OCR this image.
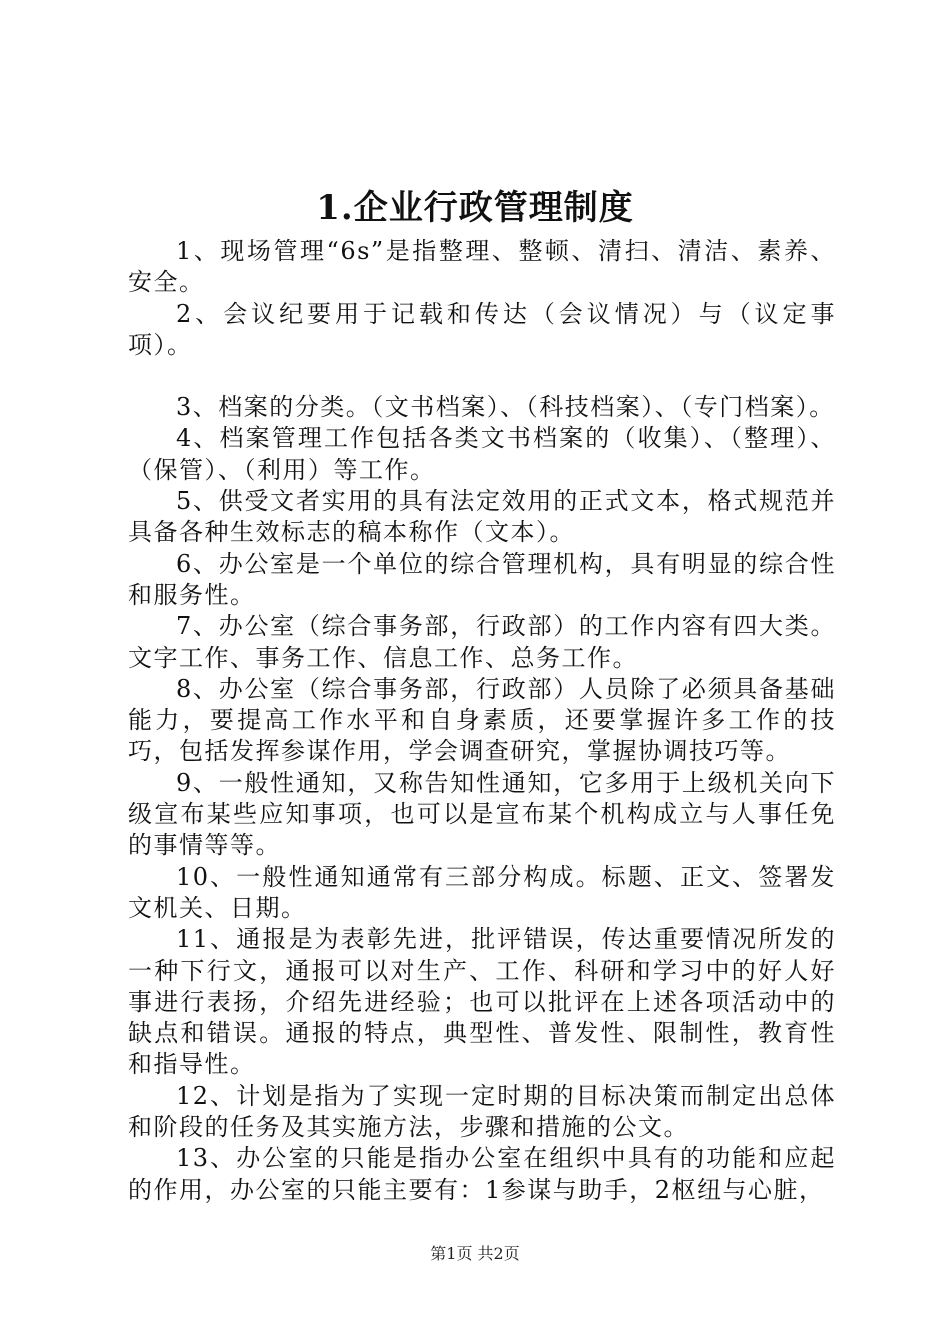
1.企业行政管理制度

1、现场管理“6s”是指整理、整顿、清扫、清洁、素养、安全。

2、会议纪要用于记载和传达（会议情况）与（议定事项）。

3、档案的分类。（文书档案）、（科技档案）、（专门档案）。

4、档案管理工作包括各类文书档案的（收集）、（整理）、（保管）、（利用）等工作。

5、供受文者实用的具有法定效用的正式文本，格式规范并具备各种生效标志的稿本称作（文本）。

6、办公室是一个单位的综合管理机构，具有明显的综合性和服务性。

7、办公室（综合事务部，行政部）的工作内容有四大类。文字工作、事务工作、信息工作、总务工作。

8、办公室（综合事务部，行政部）人员除了必须具备基础能力，要提高工作水平和自身素质，还要掌握许多工作的技巧，包括发挥参谋作用，学会调查研究，掌握协调技巧等。

9、一般性通知，又称告知性通知，它多用于上级机关向下级宣布某些应知事项，也可以是宣布某个机构成立与人事任免的事情等等。

10、一般性通知通常有三部分构成。标题、正文、签署发文机关、日期。

11、通报是为表彰先进，批评错误，传达重要情况所发的一种下行文，通报可以对生产、工作、科研和学习中的好人好事进行表扬，介绍先进经验；也可以批评在上述各项活动中的缺点和错误。通报的特点，典型性、普发性、限制性，教育性和指导性。

12、计划是指为了实现一定时期的目标决策而制定出总体和阶段的任务及其实施方法，步骤和措施的公文。

13、办公室的只能是指办公室在组织中具有的功能和应起的作用，办公室的只能主要有：1参谋与助手，2枢纽与心脏，

第1页 共2页
